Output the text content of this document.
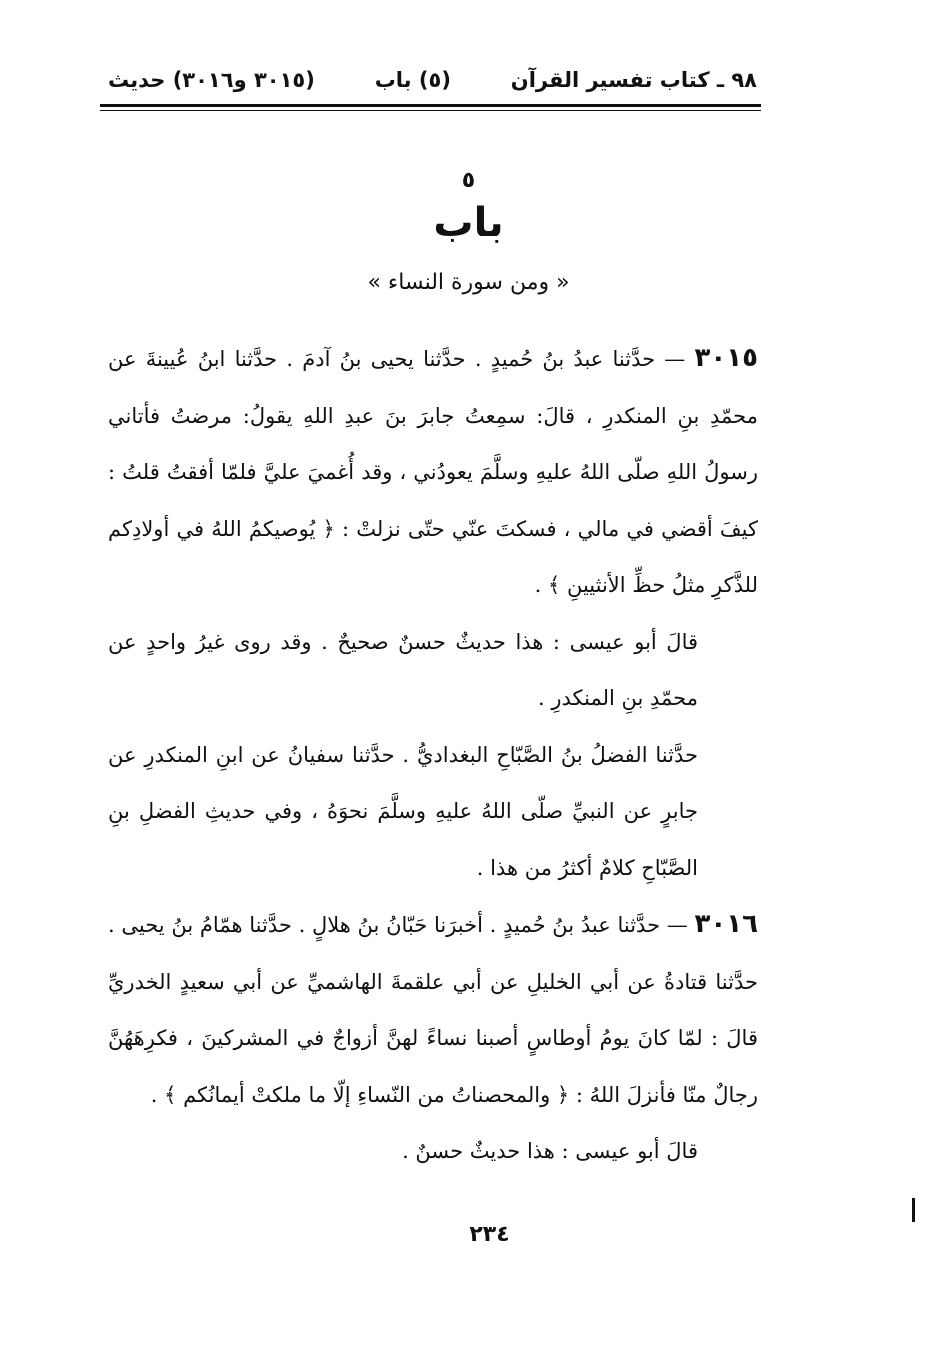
٩٨ ـ كتاب تفسير القرآن
(٥) باب
(٣٠١٥ و٣٠١٦) حديث
٥
باب
« ومن سورة النساء »

٣٠١٥ — حدَّثنا عبدُ بنُ حُميدٍ . حدَّثنا يحيى بنُ آدمَ . حدَّثنا ابنُ عُيينةَ عن محمّدِ بنِ المنكدرِ ، قالَ: سمِعتُ جابرَ بنَ عبدِ اللهِ يقولُ: مرضتُ فأتاني رسولُ اللهِ صلّى اللهُ عليهِ وسلَّمَ يعودُني ، وقد أُغميَ عليَّ فلمّا أفقتُ قلتُ : كيفَ أقضي في مالي ، فسكتَ عنّي حتّى نزلتْ : ﴿ يُوصيكمُ اللهُ في أولادِكم للذَّكرِ مثلُ حظِّ الأنثيينِ ﴾ .

قالَ أبو عيسى : هذا حديثٌ حسنٌ صحيحٌ . وقد روى غيرُ واحدٍ عن محمّدِ بنِ المنكدرِ .

حدَّثنا الفضلُ بنُ الصَّبّاحِ البغداديُّ . حدَّثنا سفيانُ عن ابنِ المنكدرِ عن جابرٍ عن النبيِّ صلّى اللهُ عليهِ وسلَّمَ نحوَهُ ، وفي حديثِ الفضلِ بنِ الصَّبّاحِ كلامٌ أكثرُ من هذا .

٣٠١٦ — حدَّثنا عبدُ بنُ حُميدٍ . أخبرَنا حَبّانُ بنُ هلالٍ . حدَّثنا همّامُ بنُ يحيى . حدَّثنا قتادةُ عن أبي الخليلِ عن أبي علقمةَ الهاشميِّ عن أبي سعيدٍ الخدريِّ قالَ : لمّا كانَ يومُ أوطاسٍ أصبنا نساءً لهنَّ أزواجٌ في المشركينَ ، فكرِهَهُنَّ رجالٌ منّا فأنزلَ اللهُ : ﴿ والمحصناتُ من النّساءِ إلّا ما ملكتْ أيمانُكم ﴾ .

قالَ أبو عيسى : هذا حديثٌ حسنٌ .

٢٣٤
